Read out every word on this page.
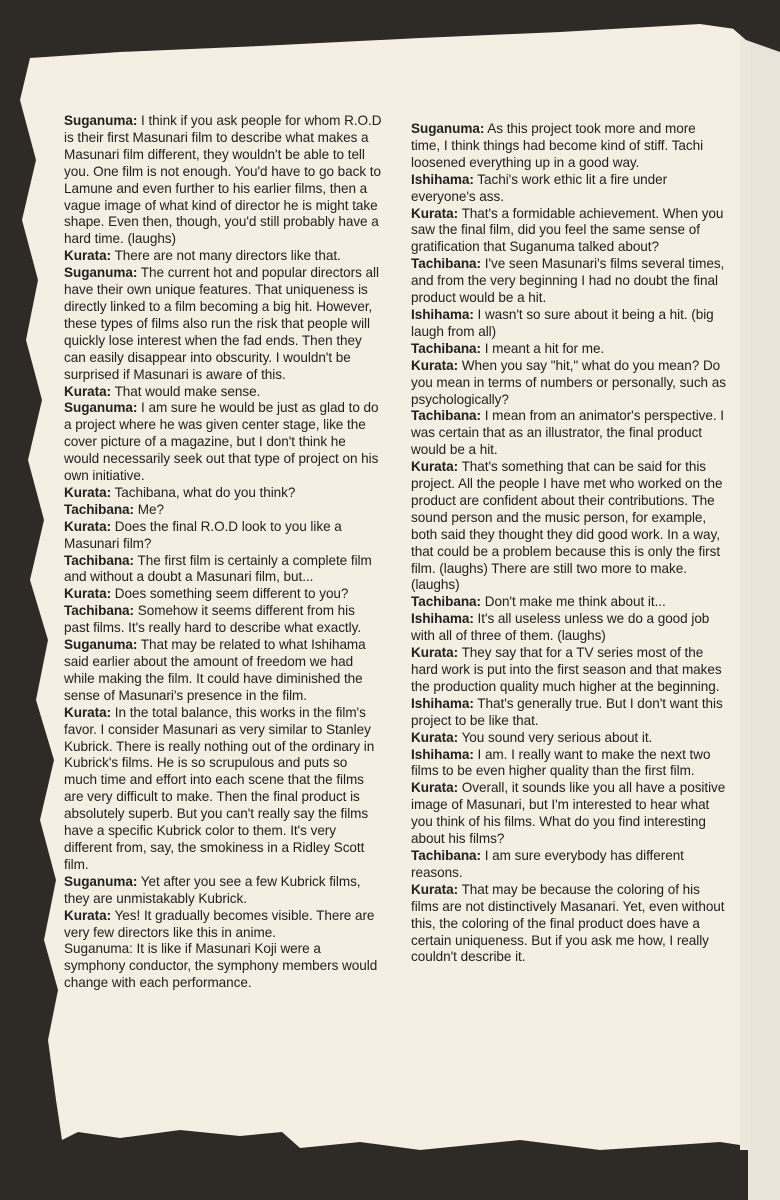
Suganuma: I think if you ask people for whom R.O.D is their first Masunari film to describe what makes a Masunari film different, they wouldn't be able to tell you. One film is not enough. You'd have to go back to Lamune and even further to his earlier films, then a vague image of what kind of director he is might take shape. Even then, though, you'd still probably have a hard time. (laughs)

Kurata: There are not many directors like that.

Suganuma: The current hot and popular directors all have their own unique features. That uniqueness is directly linked to a film becoming a big hit. However, these types of films also run the risk that people will quickly lose interest when the fad ends. Then they can easily disappear into obscurity. I wouldn't be surprised if Masunari is aware of this.

Kurata: That would make sense.

Suganuma: I am sure he would be just as glad to do a project where he was given center stage, like the cover picture of a magazine, but I don't think he would necessarily seek out that type of project on his own initiative.

Kurata: Tachibana, what do you think?

Tachibana: Me?

Kurata: Does the final R.O.D look to you like a Masunari film?

Tachibana: The first film is certainly a complete film and without a doubt a Masunari film, but...

Kurata: Does something seem different to you?

Tachibana: Somehow it seems different from his past films. It's really hard to describe what exactly.

Suganuma: That may be related to what Ishihama said earlier about the amount of freedom we had while making the film. It could have diminished the sense of Masunari's presence in the film.

Kurata: In the total balance, this works in the film's favor. I consider Masunari as very similar to Stanley Kubrick. There is really nothing out of the ordinary in Kubrick's films. He is so scrupulous and puts so much time and effort into each scene that the films are very difficult to make. Then the final product is absolutely superb. But you can't really say the films have a specific Kubrick color to them. It's very different from, say, the smokiness in a Ridley Scott film.

Suganuma: Yet after you see a few Kubrick films, they are unmistakably Kubrick.

Kurata: Yes! It gradually becomes visible. There are very few directors like this in anime.

Suganuma: It is like if Masunari Koji were a symphony conductor, the symphony members would change with each performance.

Suganuma: As this project took more and more time, I think things had become kind of stiff. Tachi loosened everything up in a good way.

Ishihama: Tachi's work ethic lit a fire under everyone's ass.

Kurata: That's a formidable achievement. When you saw the final film, did you feel the same sense of gratification that Suganuma talked about?

Tachibana: I've seen Masunari's films several times, and from the very beginning I had no doubt the final product would be a hit.

Ishihama: I wasn't so sure about it being a hit. (big laugh from all)

Tachibana: I meant a hit for me.

Kurata: When you say "hit," what do you mean? Do you mean in terms of numbers or personally, such as psychologically?

Tachibana: I mean from an animator's perspective. I was certain that as an illustrator, the final product would be a hit.

Kurata: That's something that can be said for this project. All the people I have met who worked on the product are confident about their contributions. The sound person and the music person, for example, both said they thought they did good work. In a way, that could be a problem because this is only the first film. (laughs) There are still two more to make. (laughs)

Tachibana: Don't make me think about it...

Ishihama: It's all useless unless we do a good job with all of three of them. (laughs)

Kurata: They say that for a TV series most of the hard work is put into the first season and that makes the production quality much higher at the beginning.

Ishihama: That's generally true. But I don't want this project to be like that.

Kurata: You sound very serious about it.

Ishihama: I am. I really want to make the next two films to be even higher quality than the first film.

Kurata: Overall, it sounds like you all have a positive image of Masunari, but I'm interested to hear what you think of his films. What do you find interesting about his films?

Tachibana: I am sure everybody has different reasons.

Kurata: That may be because the coloring of his films are not distinctively Masanari. Yet, even without this, the coloring of the final product does have a certain uniqueness. But if you ask me how, I really couldn't describe it.
